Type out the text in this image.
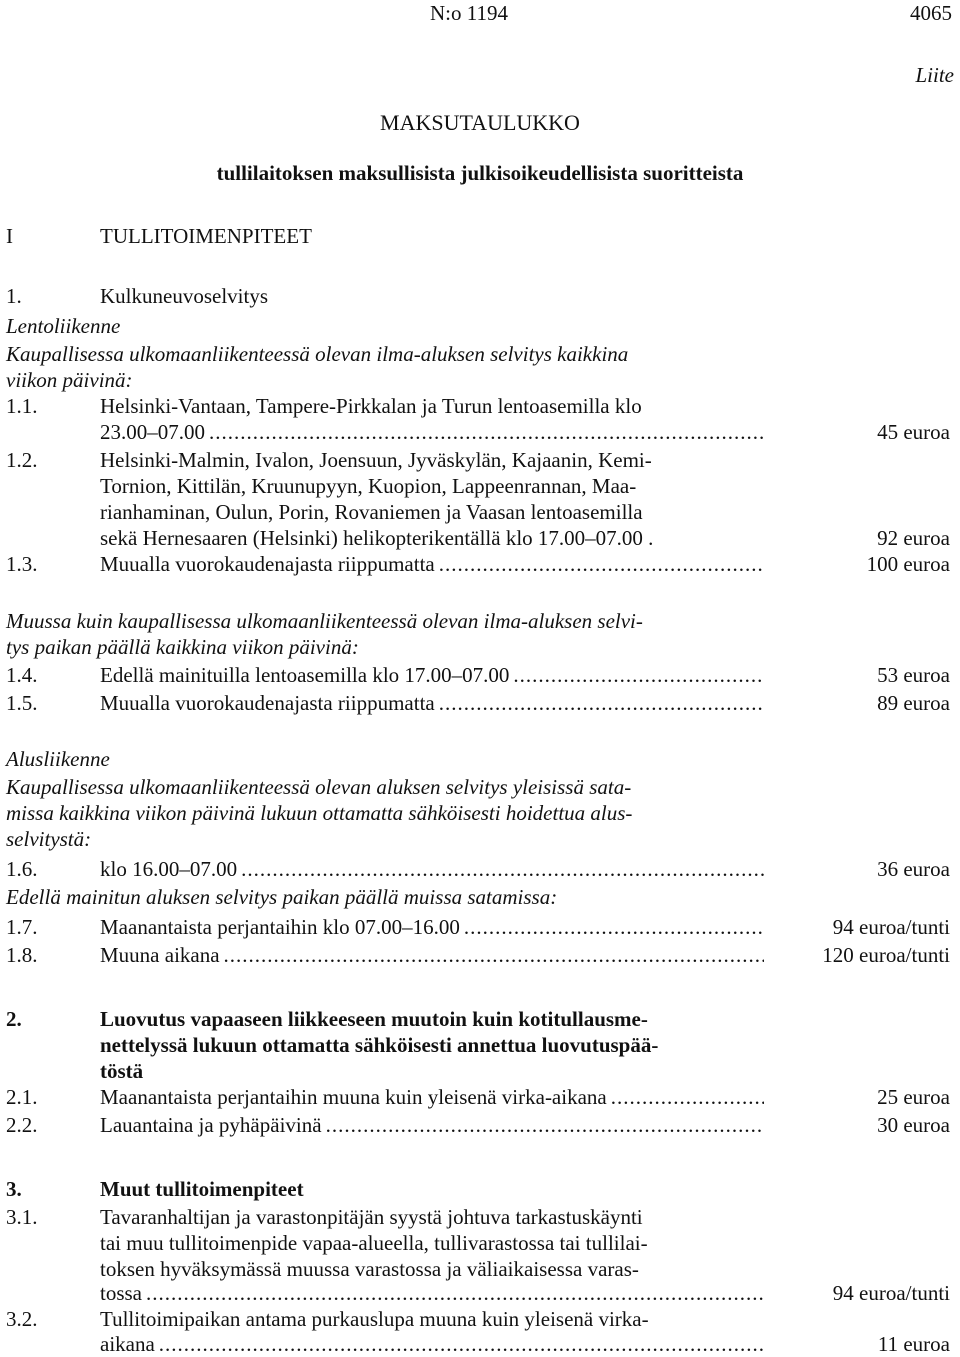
N:o 1194	4065
Liite
MAKSUTAULUKKO
tullilaitoksen maksullisista julkisoikeudellisista suoritteista
I	TULLITOIMENPITEET
1.	Kulkuneuvoselvitys
Lentoliikenne
Kaupallisessa ulkomaanliikenteessä olevan ilma-aluksen selvitys kaikkina
viikon päivinä:
1.1.	Helsinki-Vantaan, Tampere-Pirkkalan ja Turun lentoasemilla klo
23.00–07.00 .....	45 euroa
1.2.	Helsinki-Malmin, Ivalon, Joensuun, Jyväskylän, Kajaanin, Kemi-
Tornion, Kittilän, Kruunupyyn, Kuopion, Lappeenrannan, Maa-
rianhaminan, Oulun, Porin, Rovaniemen ja Vaasan lentoasemilla
sekä Hernesaaren (Helsinki) helikopterikentällä klo 17.00–07.00 .	92 euroa
1.3.	Muualla vuorokaudenajasta riippumatta .....	100 euroa
Muussa kuin kaupallisessa ulkomaanliikenteessä olevan ilma-aluksen selvi-
tys paikan päällä kaikkina viikon päivinä:
1.4.	Edellä mainituilla lentoasemilla klo 17.00–07.00 .....	53 euroa
1.5.	Muualla vuorokaudenajasta riippumatta .....	89 euroa
Alusliikenne
Kaupallisessa ulkomaanliikenteessä olevan aluksen selvitys yleisissä sata-
missa kaikkina viikon päivinä lukuun ottamatta sähköisesti hoidettua alus-
selvitystä:
1.6.	klo 16.00–07.00 .....	36 euroa
Edellä mainitun aluksen selvitys paikan päällä muissa satamissa:
1.7.	Maanantaista perjantaihin klo 07.00–16.00 .....	94 euroa/tunti
1.8.	Muuna aikana .....	120 euroa/tunti
2.	Luovutus vapaaseen liikkeeseen muutoin kuin kotitullausme-
nettelyssä lukuun ottamatta sähköisesti annettua luovutuspää-
töstä
2.1.	Maanantaista perjantaihin muuna kuin yleisenä virka-aikana .....	25 euroa
2.2.	Lauantaina ja pyhäpäivinä .....	30 euroa
3.	Muut tullitoimenpiteet
3.1.	Tavaranhaltijan ja varastonpitäjän syystä johtuva tarkastuskäynti
tai muu tullitoimenpide vapaa-alueella, tullivarastossa tai tullilai-
toksen hyväksymässä muussa varastossa ja väliaikaisessa varas-
tossa .....	94 euroa/tunti
3.2.	Tullitoimipaikan antama purkauslupa muuna kuin yleisenä virka-
aikana .....	11 euroa
